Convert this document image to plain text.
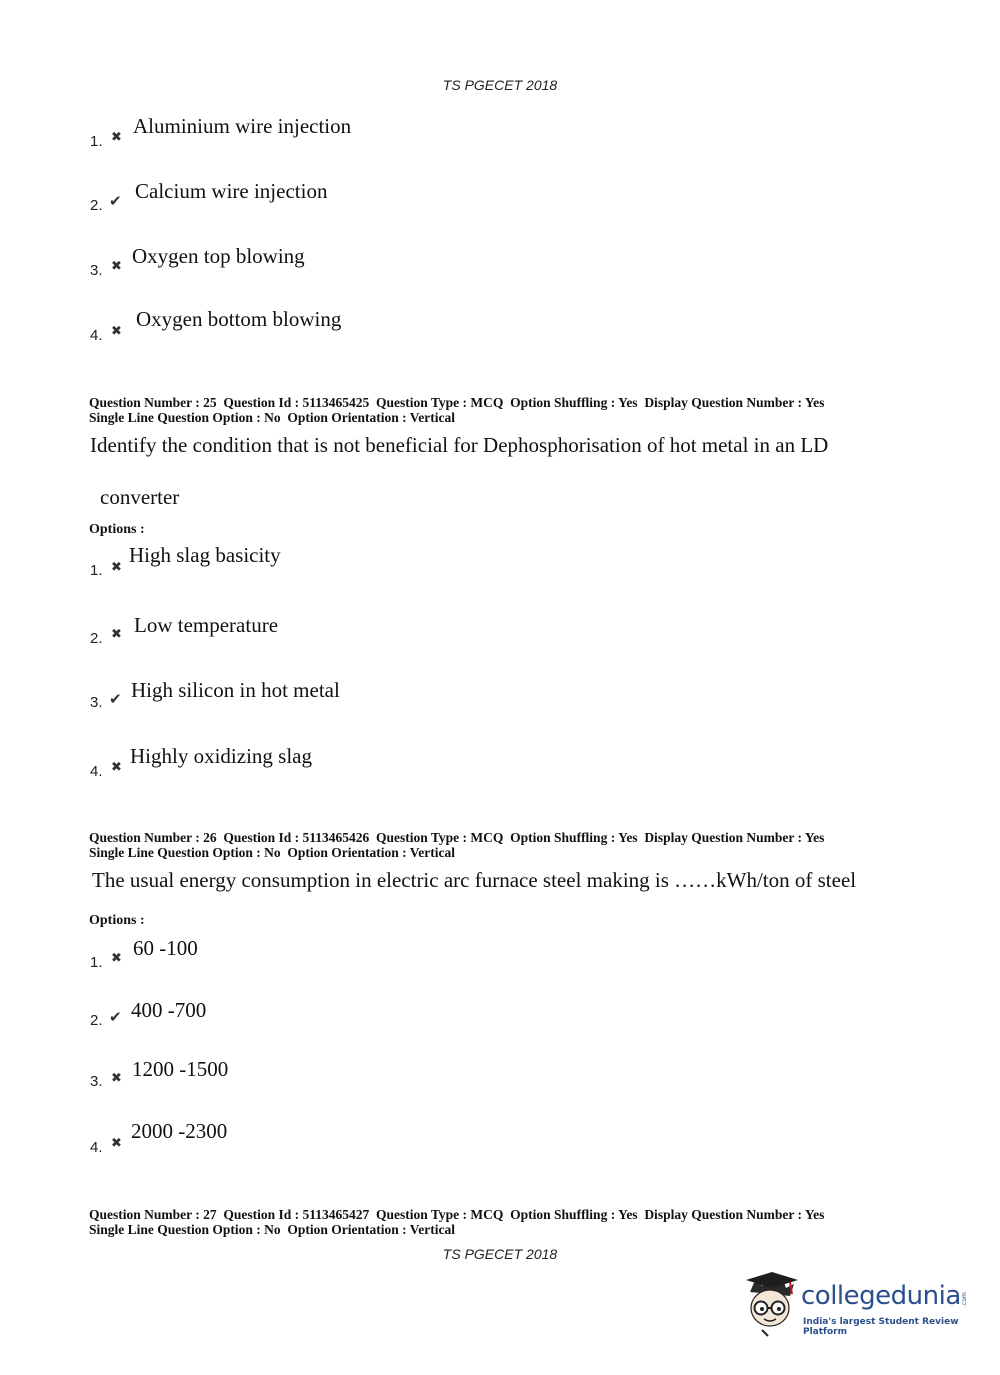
TS PGECET 2018
1. ✖ Aluminium wire injection
2. ✔ Calcium wire injection
3. ✖ Oxygen top blowing
4. ✖
Oxygen bottom blowing
Question Number : 25  Question Id : 5113465425  Question Type : MCQ  Option Shuffling : Yes  Display Question Number : Yes
Single Line Question Option : No  Option Orientation : Vertical
Identify the condition that is not beneficial for Dephosphorisation of hot metal in an LD
converter
Options :
1. ✖
High slag basicity
2. ✖ Low temperature
3. ✔ High silicon in hot metal
4. ✖ Highly oxidizing slag
Question Number : 26  Question Id : 5113465426  Question Type : MCQ  Option Shuffling : Yes  Display Question Number : Yes
Single Line Question Option : No  Option Orientation : Vertical
The usual energy consumption in electric arc furnace steel making is ……kWh/ton of steel
Options :
1. ✖ 60 -100
2. ✔ 400 -700
3. ✖ 1200 -1500
4. ✖
2000 -2300
Question Number : 27  Question Id : 5113465427  Question Type : MCQ  Option Shuffling : Yes  Display Question Number : Yes
Single Line Question Option : No  Option Orientation : Vertical
TS PGECET 2018
collegedunia .com
India's largest Student Review Platform
